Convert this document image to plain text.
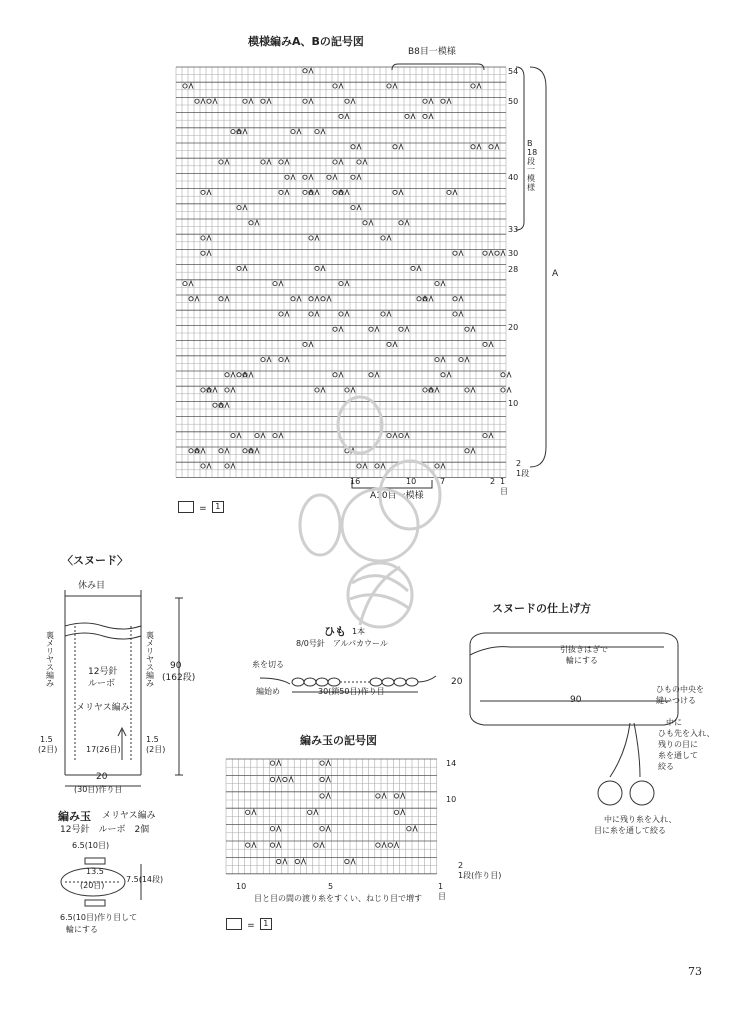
模様編みA、Bの記号図
B8目一模様
54
50
40
33
30
28
20
10
2
1段
B 18段一模様
A
16	10	7	2 1
目
A10目一模様
= 1
〈スヌード〉
休み目
裏メリヤス編み
裏メリヤス編み
12号針
ルーボ
メリヤス編み
90
(162段)
1.5
(2目)
1.5
(2目)
17(26目)
20
(30目)作り目
編み玉 メリヤス編み
12号針　ルーボ　2個
6.5(10目)
13.5
(20目)
7.5(14段)
6.5(10目)作り目して
輪にする
ひも 1本
8/0号針　アルパカウール
糸を切る
編始め	30(鎖50目)作り目
スヌードの仕上げ方
引抜きはぎで
輪にする
20
90
ひもの中央を
縫いつける
中に
ひも先を入れ、
残りの目に
糸を通して
絞る
中に残り糸を入れ、
目に糸を通して絞る
編み玉の記号図
14
10
2
1段(作り目)
10	5	1
目
目と目の間の渡り糸をすくい、ねじり目で増す
= 1
73
